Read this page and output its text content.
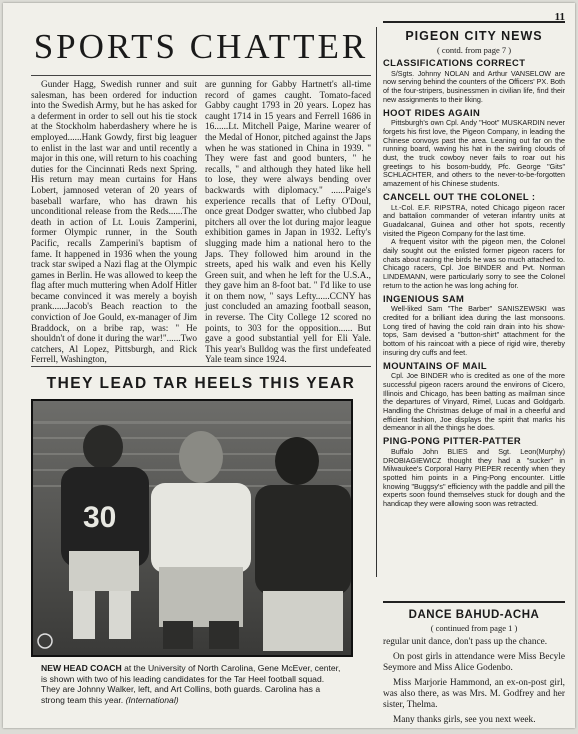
11
SPORTS CHATTER

Gunder Hagg, Swedish runner and suit salesman, has been ordered for induction into the Swedish Army, but he has asked for a deferment in order to sell out his tie stock at the Stockholm haberdashery where he is employed......Hank Gowdy, first big leaguer to enlist in the last war and until recently a major in this one, will return to his coaching duties for the Cincinnati Reds next Spring. His return may mean curtains for Hans Lobert, jamnosed veteran of 20 years of baseball warfare, who has drawn his unconditional release from the Reds......The death in action of Lt. Louis Zamperini, former Olympic runner, in the South Pacific, recalls Zamperini's baptism of fame. It happened in 1936 when the young track star swiped a Nazi flag at the Olympic games in Berlin. He was allowed to keep the flag after much muttering when Adolf Hitler became convinced it was merely a boyish prank......Jacob's Beach reaction to the conviction of Joe Gould, ex-manager of Jim Braddock, on a bribe rap, was: " He shouldn't of done it during the war!"......Two catchers, Al Lopez, Pittsburgh, and Rick Ferrell, Washington,

are gunning for Gabby Hartnett's all-time record of games caught. Tomato-faced Gabby caught 1793 in 20 years. Lopez has caught 1714 in 15 years and Ferrell 1686 in 16......Lt. Mitchell Paige, Marine wearer of the Medal of Honor, pitched against the Japs when he was stationed in China in 1939. " They were fast and good bunters, " he recalls, " and although they hated like hell to lose, they were always bending over backwards with diplomacy." ......Paige's experience recalls that of Lefty O'Doul, once great Dodger swatter, who clubbed Jap pitchers all over the lot during major league exhibition games in Japan in 1932. Lefty's slugging made him a national hero to the Japs. They followed him around in the streets, aped his walk and even his Kelly Green suit, and when he left for the U.S.A., they gave him an 8-foot bat. " I'd like to use it on them now, " says Lefty......CCNY has just concluded an amazing football season, in reverse. The City College 12 scored no points, to 303 for the opposition...... But gave a good substantial yell for Eli Yale. This year's Bulldog was the first undefeated Yale team since 1924.

THEY LEAD TAR HEELS THIS YEAR
30
NEW HEAD COACH at the University of North Carolina, Gene McEver, center, is shown with two of his leading candidates for the Tar Heel football squad. They are Johnny Walker, left, and Art Collins, both guards. Carolina has a strong team this year. (International)
PIGEON CITY NEWS
( contd. from page 7 )
CLASSIFICATIONS CORRECT

S/Sgts. Johnny NOLAN and Arthur VANSELOW are now serving behind the counters of the Officers' PX. Both of the four-stripers, businessmen in civilian life, find their new assignments to their liking.

HOOT RIDES AGAIN

Pittsburgh's own Cpl. Andy "Hoot" MUSKARDIN never forgets his first love, the Pigeon Company, in leading the Chinese convoys past the area. Leaning out far on the running board, waving his hat in the swirling clouds of dust, the truck cowboy never fails to roar out his greetings to his bosom-buddy, Pfc. George "Gits" SCHLACHTER, and others to the never-to-be-forgotten amazement of his Chinese students.

CANCELL OUT THE COLONEL :

Lt.-Col. E.F. RIPSTRA, noted Chicago pigeon racer and battalion commander of veteran infantry units at Guadalcanal, Guinea and other hot spots, recently visited the Pigeon Company for the last time.

A frequent visitor with the pigeon men, the Colonel daily sought out the enlisted former pigeon racers for chats about racing the birds he was so much attached to. Chicago racers, Cpl. Joe BINDER and Pvt. Norman LINDEMANN, were particularly sorry to see the Colonel return to the action he was long aching for.

INGENIOUS SAM

Well-liked Sam "The Barber" SANISZEWSKI was credited for a brilliant idea during the last monsoons. Long tired of having the cold rain drain into his show-tops, Sam devised a "button-shirt" attachment for the bottom of his raincoat with a piece of rigid wire, thereby insuring dry cuffs and feet.

MOUNTAINS OF MAIL

Cpl. Joe BINDER who is credited as one of the more successful pigeon racers around the environs of Cicero, Illinois and Chicago, has been batting as mailman since the departures of Vinyard, Rimel, Lucas and Goldgarb. Handling the Christmas deluge of mail in a cheerful and efficient fashion, Joe displays the spirit that marks his demeanor in all the things he does.

PING-PONG PITTER-PATTER

Buffalo John BLIES and Sgt. Leon(Murphy) DROBIAGIEWICZ thought they had a "sucker" in Milwaukee's Corporal Harry PIEPER recently when they spotted him points in a Ping-Pong encounter. Little knowing "Buggsy's" efficiency with the paddle and pill the experts soon found themselves stuck for dough and the handicap they were allowing soon was retracted.

DANCE BAHUD-ACHA
( continued from page 1 )

regular unit dance, don't pass up the chance.

On post girls in attendance were Miss Becyle Seymore and Miss Alice Godenbo.

Miss Marjorie Hammond, an ex-on-post girl, was also there, as was Mrs. M. Godfrey and her sister, Thelma.

Many thanks girls, see you next week.
